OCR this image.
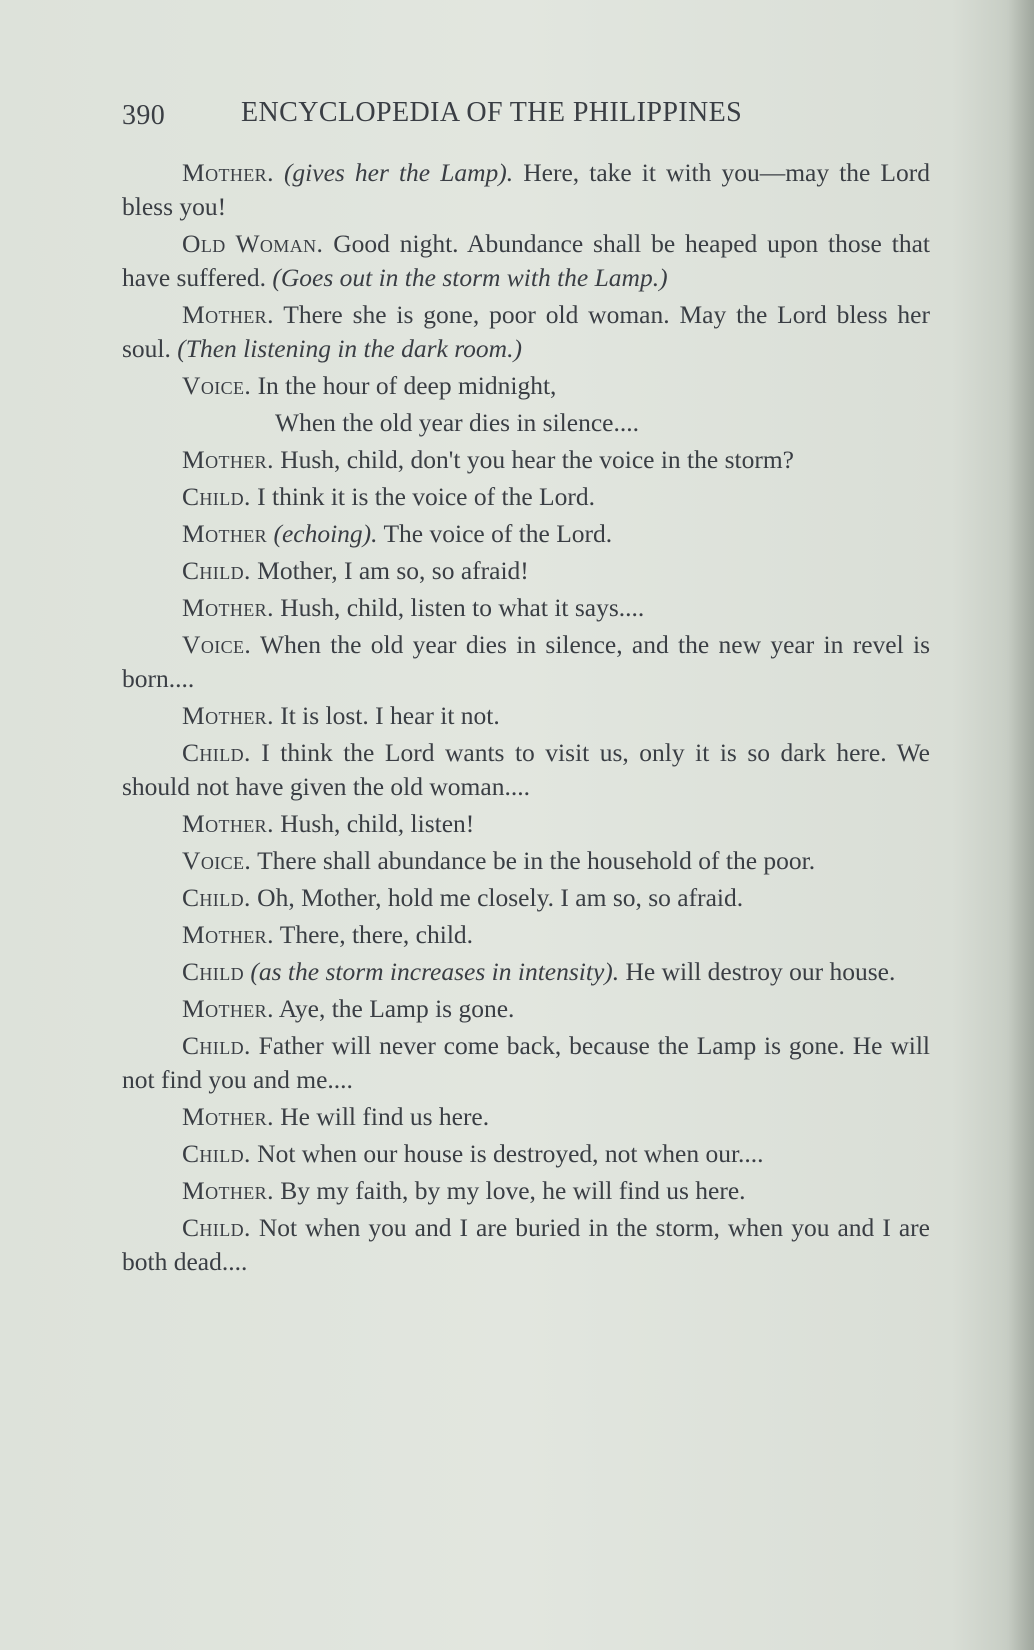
390	ENCYCLOPEDIA OF THE PHILIPPINES

Mother. (gives her the Lamp). Here, take it with you—may the Lord bless you!

Old Woman. Good night. Abundance shall be heaped upon those that have suffered. (Goes out in the storm with the Lamp.)

Mother. There she is gone, poor old woman. May the Lord bless her soul. (Then listening in the dark room.)

Voice. In the hour of deep midnight,

When the old year dies in silence....

Mother. Hush, child, don't you hear the voice in the storm?

Child. I think it is the voice of the Lord.

Mother (echoing). The voice of the Lord.

Child. Mother, I am so, so afraid!

Mother. Hush, child, listen to what it says....

Voice. When the old year dies in silence, and the new year in revel is born....

Mother. It is lost. I hear it not.

Child. I think the Lord wants to visit us, only it is so dark here. We should not have given the old woman....

Mother. Hush, child, listen!

Voice. There shall abundance be in the household of the poor.

Child. Oh, Mother, hold me closely. I am so, so afraid.

Mother. There, there, child.

Child (as the storm increases in intensity). He will destroy our house.

Mother. Aye, the Lamp is gone.

Child. Father will never come back, because the Lamp is gone. He will not find you and me....

Mother. He will find us here.

Child. Not when our house is destroyed, not when our....

Mother. By my faith, by my love, he will find us here.

Child. Not when you and I are buried in the storm, when you and I are both dead....
